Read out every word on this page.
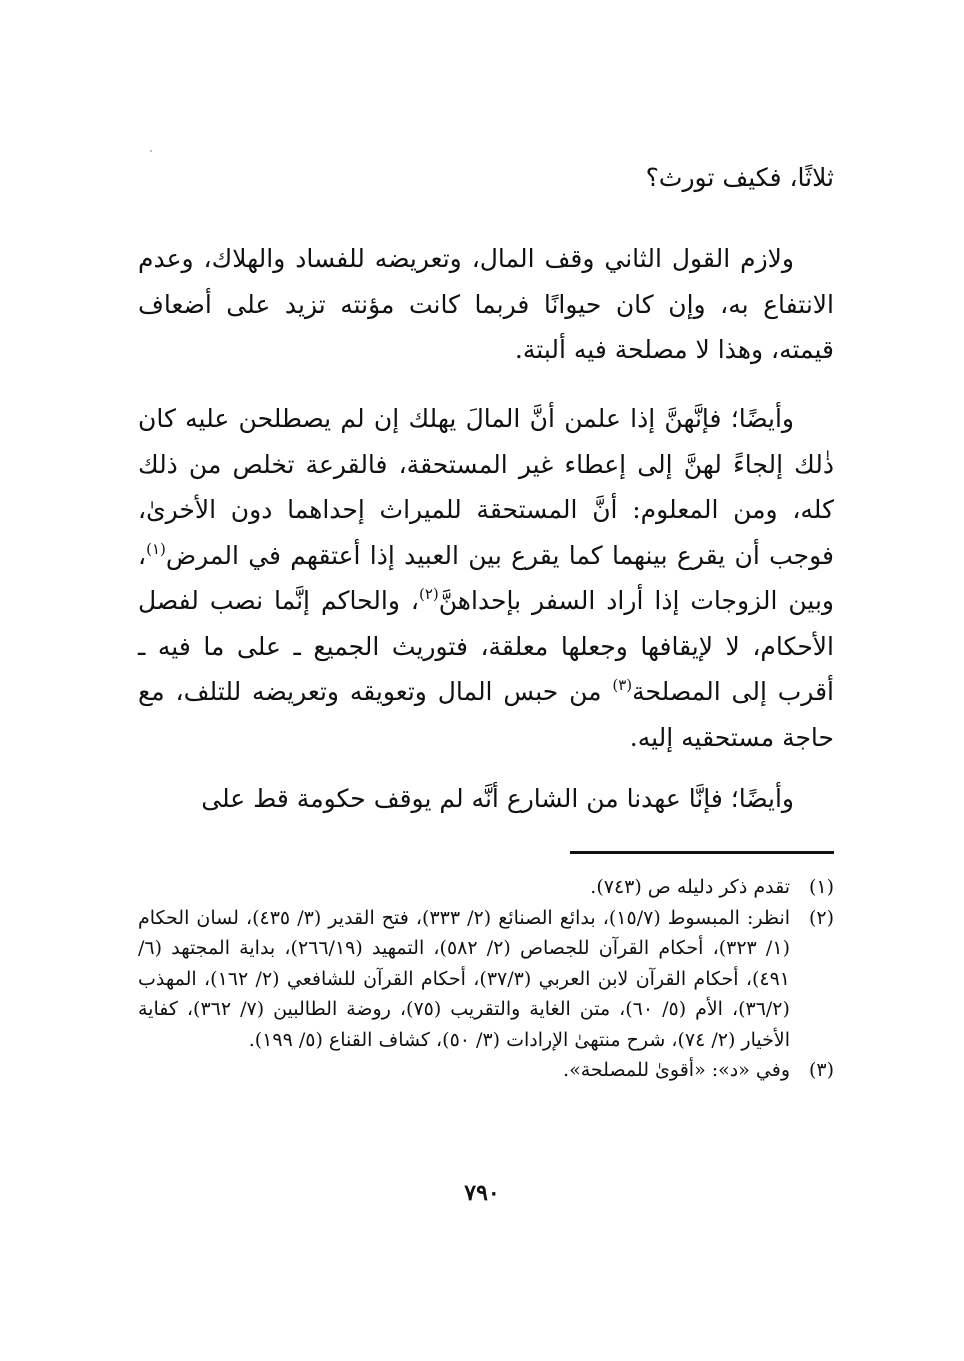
ثلاثًا، فكيف تورث؟

ولازم القول الثاني وقف المال، وتعريضه للفساد والهلاك، وعدم الانتفاع به، وإن كان حيوانًا فربما كانت مؤنته تزيد على أضعاف قيمته، وهذا لا مصلحة فيه ألبتة.

وأيضًا؛ فإنَّهنَّ إذا علمن أنَّ المالَ يهلك إن لم يصطلحن عليه كان ذٰلك إلجاءً لهنَّ إلى إعطاء غير المستحقة، فالقرعة تخلص من ذلك كله، ومن المعلوم: أنَّ المستحقة للميراث إحداهما دون الأخرىٰ، فوجب أن يقرع بينهما كما يقرع بين العبيد إذا أعتقهم في المرض$^{(١)}$، وبين الزوجات إذا أراد السفر بإحداهنَّ$^{(٢)}$، والحاكم إنَّما نصب لفصل الأحكام، لا لإيقافها وجعلها معلقة، فتوريث الجميع ـ على ما فيه ـ أقرب إلى المصلحة$^{(٣)}$ من حبس المال وتعويقه وتعريضه للتلف، مع حاجة مستحقيه إليه.

وأيضًا؛ فإنَّا عهدنا من الشارع أنَّه لم يوقف حكومة قط على

(١)
تقدم ذكر دليله ص (٧٤٣).
(٢)
انظر: المبسوط (١٥/٧)، بدائع الصنائع (٢/ ٣٣٣)، فتح القدير (٣/ ٤٣٥)، لسان الحكام (١/ ٣٢٣)، أحكام القرآن للجصاص (٢/ ٥٨٢)، التمهيد (٢٦٦/١٩)، بداية المجتهد (٦/ ٤٩١)، أحكام القرآن لابن العربي (٣٧/٣)، أحكام القرآن للشافعي (٢/ ١٦٢)، المهذب (٣٦/٢)، الأم (٥/ ٦٠)، متن الغاية والتقريب (٧٥)، روضة الطالبين (٧/ ٣٦٢)، كفاية الأخيار (٢/ ٧٤)، شرح منتهىٰ الإرادات (٣/ ٥٠)، كشاف القناع (٥/ ١٩٩).
(٣)
وفي «د»: «أقوىٰ للمصلحة».
٧٩٠
